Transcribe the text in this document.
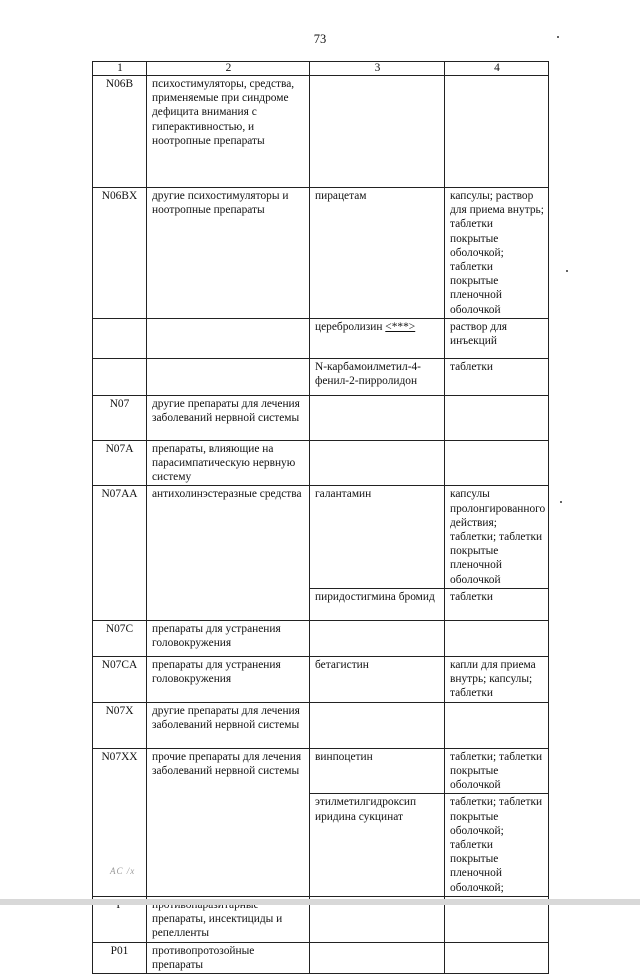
73
1	2	3	4
N06B	психостимуляторы, средства, применяемые при синдроме дефицита внимания с гиперактивностью, и ноотропные препараты		
N06BX	другие психостимуляторы и ноотропные препараты	пирацетам	капсулы; раствор для приема внутрь; таблетки покрытые оболочкой; таблетки покрытые пленочной оболочкой
		церебролизин <***>	раствор для инъекций
		N-карбамоилметил-4-фенил-2-пирролидон	таблетки
N07	другие препараты для лечения заболеваний нервной системы		
N07A	препараты, влияющие на парасимпатическую нервную систему		
N07AA	антихолинэстеразные средства	галантамин	капсулы пролонгированного действия; таблетки; таблетки покрытые пленочной оболочкой
		пиридостигмина бромид	таблетки
N07C	препараты для устранения головокружения		
N07CA	препараты для устранения головокружения	бетагистин	капли для приема внутрь; капсулы; таблетки
N07X	другие препараты для лечения заболеваний нервной системы		
N07XX	прочие препараты для лечения заболеваний нервной системы	винпоцетин	таблетки; таблетки покрытые оболочкой
		этилметилгидроксип иридина сукцинат	таблетки; таблетки покрытые оболочкой; таблетки покрытые пленочной оболочкой;
	препараты, инсектициды и репелленты		
P01	противопротозойные препараты		
AC /x
